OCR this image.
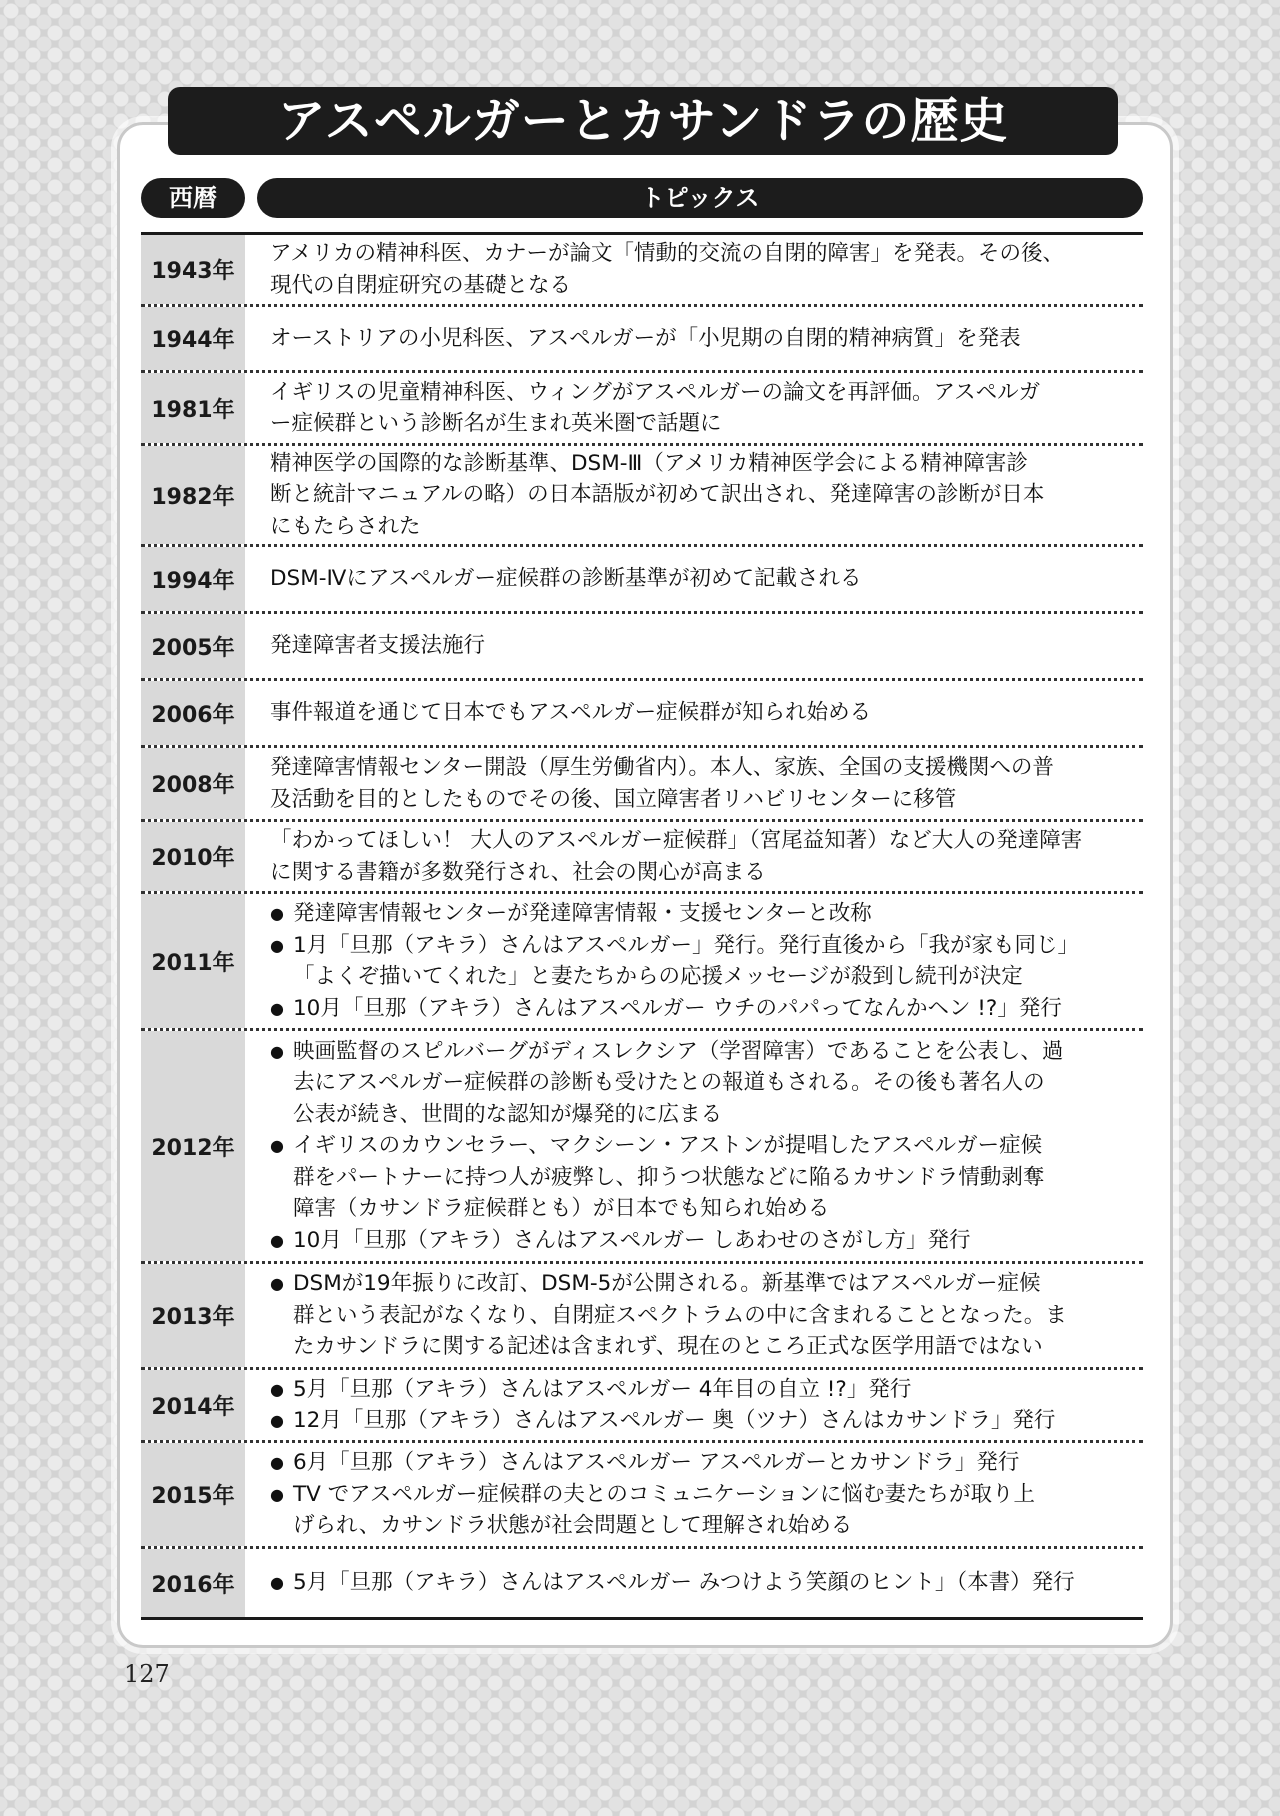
アスペルガーとカサンドラの歴史
西暦	トピックス
1943年

アメリカの精神科医、カナーが論文「情動的交流の自閉的障害」を発表。その後、

現代の自閉症研究の基礎となる

1944年	オーストリアの小児科医、アスペルガーが「小児期の自閉的精神病質」を発表

1981年

イギリスの児童精神科医、ウィングがアスペルガーの論文を再評価。アスペルガ

ー症候群という診断名が生まれ英米圏で話題に

1982年

精神医学の国際的な診断基準、DSM-Ⅲ（アメリカ精神医学会による精神障害診

断と統計マニュアルの略）の日本語版が初めて訳出され、発達障害の診断が日本

にもたらされた

1994年	DSM-Ⅳにアスペルガー症候群の診断基準が初めて記載される

2005年	発達障害者支援法施行

2006年	事件報道を通じて日本でもアスペルガー症候群が知られ始める

2008年

発達障害情報センター開設（厚生労働省内）。本人、家族、全国の支援機関への普

及活動を目的としたものでその後、国立障害者リハビリセンターに移管

2010年

「わかってほしい！ 大人のアスペルガー症候群」（宮尾益知著）など大人の発達障害

に関する書籍が多数発行され、社会の関心が高まる

2011年

● 発達障害情報センターが発達障害情報・支援センターと改称

● 1月「旦那（アキラ）さんはアスペルガー」発行。発行直後から「我が家も同じ」

「よくぞ描いてくれた」と妻たちからの応援メッセージが殺到し続刊が決定

● 10月「旦那（アキラ）さんはアスペルガー ウチのパパってなんかヘン !?」発行

2012年

● 映画監督のスピルバーグがディスレクシア（学習障害）であることを公表し、過

去にアスペルガー症候群の診断も受けたとの報道もされる。その後も著名人の

公表が続き、世間的な認知が爆発的に広まる

● イギリスのカウンセラー、マクシーン・アストンが提唱したアスペルガー症候

群をパートナーに持つ人が疲弊し、抑うつ状態などに陥るカサンドラ情動剥奪

障害（カサンドラ症候群とも）が日本でも知られ始める

● 10月「旦那（アキラ）さんはアスペルガー しあわせのさがし方」発行

2013年

● DSMが19年振りに改訂、DSM-5が公開される。新基準ではアスペルガー症候

群という表記がなくなり、自閉症スペクトラムの中に含まれることとなった。ま

たカサンドラに関する記述は含まれず、現在のところ正式な医学用語ではない

2014年

● 5月「旦那（アキラ）さんはアスペルガー 4年目の自立 !?」発行

● 12月「旦那（アキラ）さんはアスペルガー 奥（ツナ）さんはカサンドラ」発行

2015年

● 6月「旦那（アキラ）さんはアスペルガー アスペルガーとカサンドラ」発行

● TV でアスペルガー症候群の夫とのコミュニケーションに悩む妻たちが取り上

げられ、カサンドラ状態が社会問題として理解され始める

2016年

●	5月「旦那（アキラ）さんはアスペルガー みつけよう笑顔のヒント」（本書）発行

127
